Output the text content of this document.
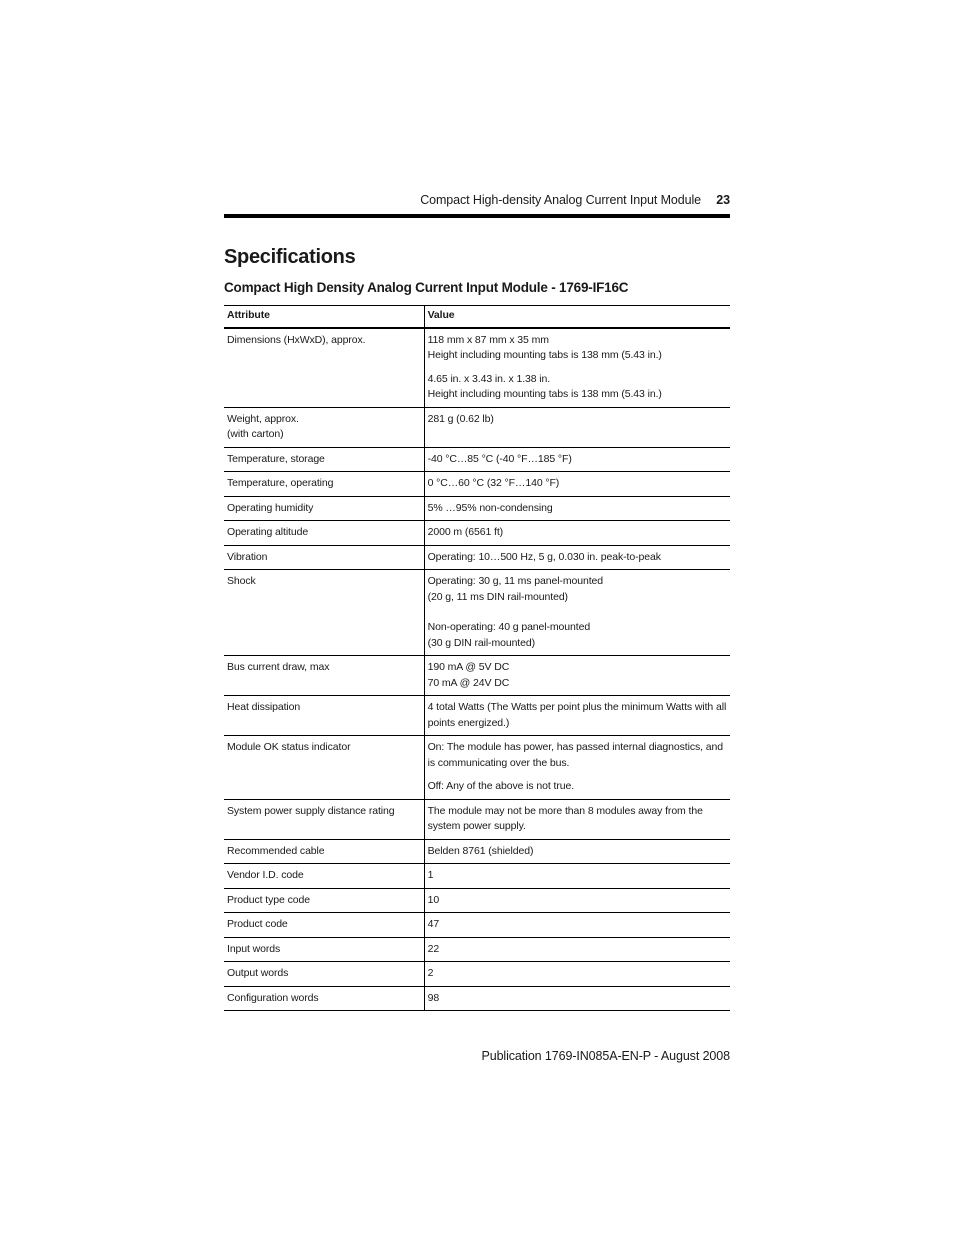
Compact High-density Analog Current Input Module 23
Specifications
Compact High Density Analog Current Input Module - 1769-IF16C
Attribute	Value
Dimensions (HxWxD), approx.	118 mm x 87 mm x 35 mm
Height including mounting tabs is 138 mm (5.43 in.)
4.65 in. x 3.43 in. x 1.38 in.
Height including mounting tabs is 138 mm (5.43 in.)
Weight, approx.
(with carton)	281 g (0.62 lb)
Temperature, storage	-40 °C…85 °C (-40 °F…185 °F)
Temperature, operating	0 °C…60 °C (32 °F…140 °F)
Operating humidity	5% …95% non-condensing
Operating altitude	2000 m (6561 ft)
Vibration	Operating: 10…500 Hz, 5 g, 0.030 in. peak-to-peak
Shock	Operating: 30 g, 11 ms panel-mounted
(20 g, 11 ms DIN rail-mounted)
Non-operating: 40 g panel-mounted
(30 g DIN rail-mounted)
Bus current draw, max	190 mA @ 5V DC
70 mA @ 24V DC
Heat dissipation	4 total Watts (The Watts per point plus the minimum Watts with all points energized.)
Module OK status indicator	On: The module has power, has passed internal diagnostics, and is communicating over the bus.
Off: Any of the above is not true.
System power supply distance rating	The module may not be more than 8 modules away from the system power supply.
Recommended cable	Belden 8761 (shielded)
Vendor I.D. code	1
Product type code	10
Product code	47
Input words	22
Output words	2
Configuration words	98
Publication 1769-IN085A-EN-P - August 2008
